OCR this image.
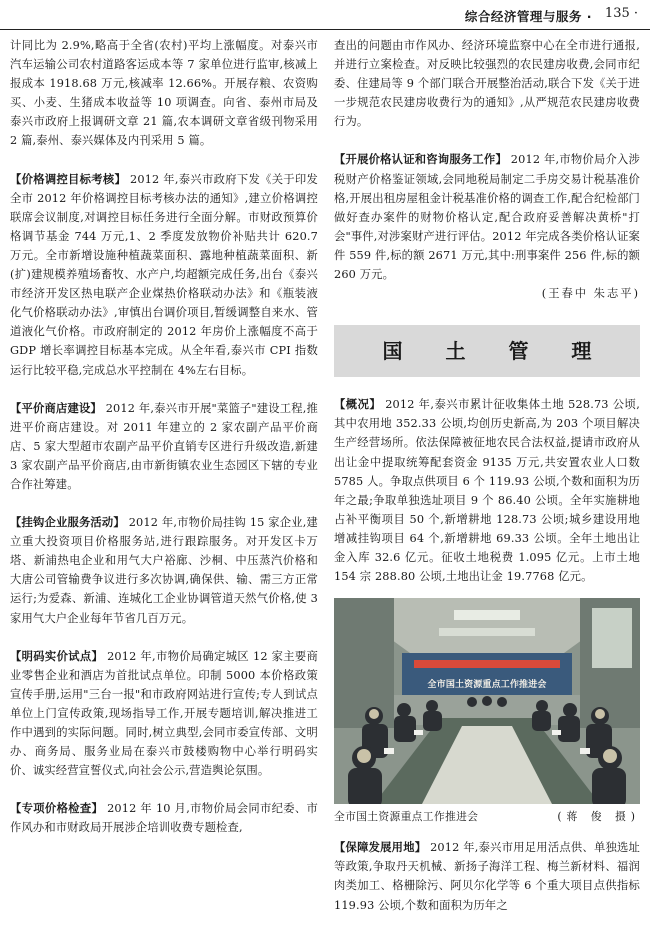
综合经济管理与服务 · 135 ·

计同比为 2.9%,略高于全省(农村)平均上涨幅度。对泰兴市汽车运输公司农村道路客运成本等 7 家单位进行监审,核减上报成本 1918.68 万元,核减率 12.66%。开展存粮、农资购买、小麦、生猪成本收益等 10 项调查。向省、泰州市局及泰兴市政府上报调研文章 21 篇,农本调研文章省级刊物采用 2 篇,泰州、泰兴媒体及内刊采用 5 篇。

【价格调控目标考核】 2012 年,泰兴市政府下发《关于印发全市 2012 年价格调控目标考核办法的通知》,建立价格调控联席会议制度,对调控目标任务进行全面分解。市财政预算价格调节基金 744 万元,1、2 季度发放物价补贴共计 620.7 万元。全市新增设施种植蔬菜面积、露地种植蔬菜面积、新(扩)建规模养殖场畜牧、水产户,均超额完成任务,出台《泰兴市经济开发区热电联产企业煤热价格联动办法》和《瓶装液化气价格联动办法》,审慎出台调价项目,暂缓调整自来水、管道液化气价格。市政府制定的 2012 年房价上涨幅度不高于 GDP 增长率调控目标基本完成。从全年看,泰兴市 CPI 指数运行比较平稳,完成总水平控制在 4%左右目标。

【平价商店建设】 2012 年,泰兴市开展"菜篮子"建设工程,推进平价商店建设。对 2011 年建立的 2 家农副产品平价商店、5 家大型超市农副产品平价直销专区进行升级改造,新建 3 家农副产品平价商店,由市新街镇农业生态园区下辖的专业合作社筹建。

【挂钩企业服务活动】 2012 年,市物价局挂钩 15 家企业,建立重大投资项目价格服务站,进行跟踪服务。对开发区卡万塔、新浦热电企业和用气大户裕廊、沙桐、中压蒸汽价格和大唐公司管输费争议进行多次协调,确保供、输、需三方正常运行;为爱森、新浦、连城化工企业协调管道天然气价格,使 3 家用气大户企业每年节省几百万元。

【明码实价试点】 2012 年,市物价局确定城区 12 家主要商业零售企业和酒店为首批试点单位。印制 5000 本价格政策宣传手册,运用"三台一报"和市政府网站进行宣传;专人到试点单位上门宣传政策,现场指导工作,开展专题培训,解决推进工作中遇到的实际问题。同时,树立典型,会同市委宣传部、文明办、商务局、服务业局在泰兴市鼓楼购物中心举行明码实价、诚实经营宣誓仪式,向社会公示,营造舆论氛围。

【专项价格检查】 2012 年 10 月,市物价局会同市纪委、市作风办和市财政局开展涉企培训收费专题检查,

查出的问题由市作风办、经济环境监察中心在全市进行通报,并进行立案检查。对反映比较强烈的农民建房收费,会同市纪委、住建局等 9 个部门联合开展整治活动,联合下发《关于进一步规范农民建房收费行为的通知》,从严规范农民建房收费行为。

【开展价格认证和咨询服务工作】 2012 年,市物价局介入涉税财产价格鉴证领域,会同地税局制定二手房交易计税基准价格,开展出租房屋租金计税基准价格的调查工作,配合纪检部门做好查办案件的财物价格认定,配合政府妥善解决黄桥"打会"事件,对涉案财产进行评估。2012 年完成各类价格认证案件 559 件,标的额 2671 万元,其中:刑事案件 256 件,标的额 260 万元。

(王春中 朱志平)

国 土 管 理

【概况】 2012 年,泰兴市累计征收集体土地 528.73 公顷,其中农用地 352.33 公顷,均创历史新高,为 203 个项目解决生产经营场所。依法保障被征地农民合法权益,提请市政府从出让金中提取统筹配套资金 9135 万元,共安置农业人口数 5785 人。争取点供项目 6 个 119.93 公顷,个数和面积为历年之最;争取单独选址项目 9 个 86.40 公顷。全年实施耕地占补平衡项目 50 个,新增耕地 128.73 公顷;城乡建设用地增减挂钩项目 64 个,新增耕地 69.33 公顷。全年土地出让金入库 32.6 亿元。征收土地税费 1.095 亿元。上市土地 154 宗 288.80 公顷,土地出让金 19.7768 亿元。

全市国土资源重点工作推进会
全市国土资源重点工作推进会	(蒋 俊 摄)

【保障发展用地】 2012 年,泰兴市用足用活点供、单独选址等政策,争取丹天机械、新扬子海洋工程、梅兰新材料、福润肉类加工、格栅除污、阿贝尔化学等 6 个重大项目点供指标 119.93 公顷,个数和面积为历年之
